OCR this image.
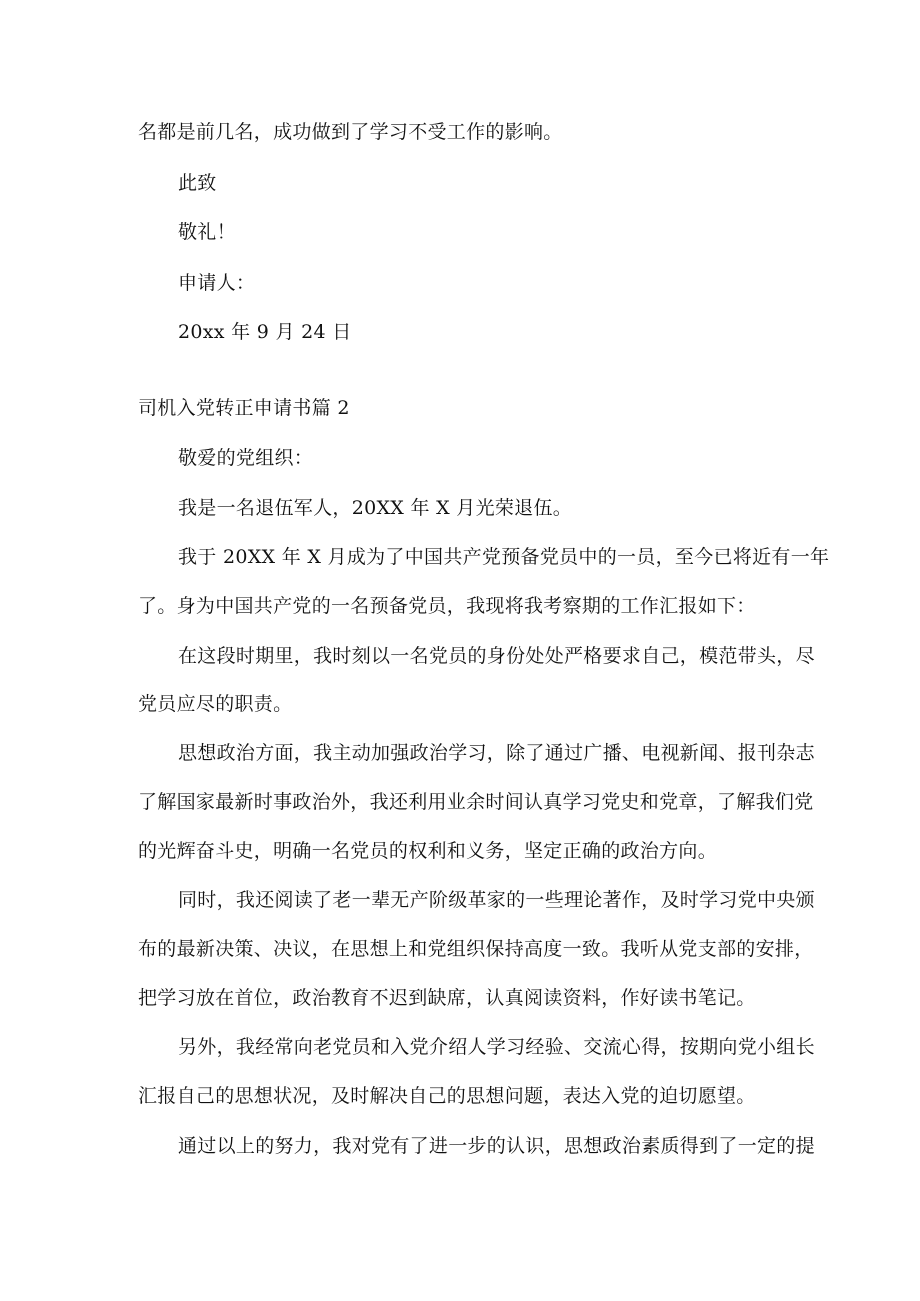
名都是前几名，成功做到了学习不受工作的影响。
此致
敬礼！
申请人：
20xx 年 9 月 24 日
司机入党转正申请书篇 2
敬爱的党组织：
我是一名退伍军人，20XX 年 X 月光荣退伍。
我于 20XX 年 X 月成为了中国共产党预备党员中的一员，至今已将近有一年
了。身为中国共产党的一名预备党员，我现将我考察期的工作汇报如下：
在这段时期里，我时刻以一名党员的身份处处严格要求自己，模范带头，尽
党员应尽的职责。
思想政治方面，我主动加强政治学习，除了通过广播、电视新闻、报刊杂志
了解国家最新时事政治外，我还利用业余时间认真学习党史和党章，了解我们党
的光辉奋斗史，明确一名党员的权利和义务，坚定正确的政治方向。
同时，我还阅读了老一辈无产阶级革家的一些理论著作，及时学习党中央颁
布的最新决策、决议，在思想上和党组织保持高度一致。我听从党支部的安排，
把学习放在首位，政治教育不迟到缺席，认真阅读资料，作好读书笔记。
另外，我经常向老党员和入党介绍人学习经验、交流心得，按期向党小组长
汇报自己的思想状况，及时解决自己的思想问题，表达入党的迫切愿望。
通过以上的努力，我对党有了进一步的认识，思想政治素质得到了一定的提
